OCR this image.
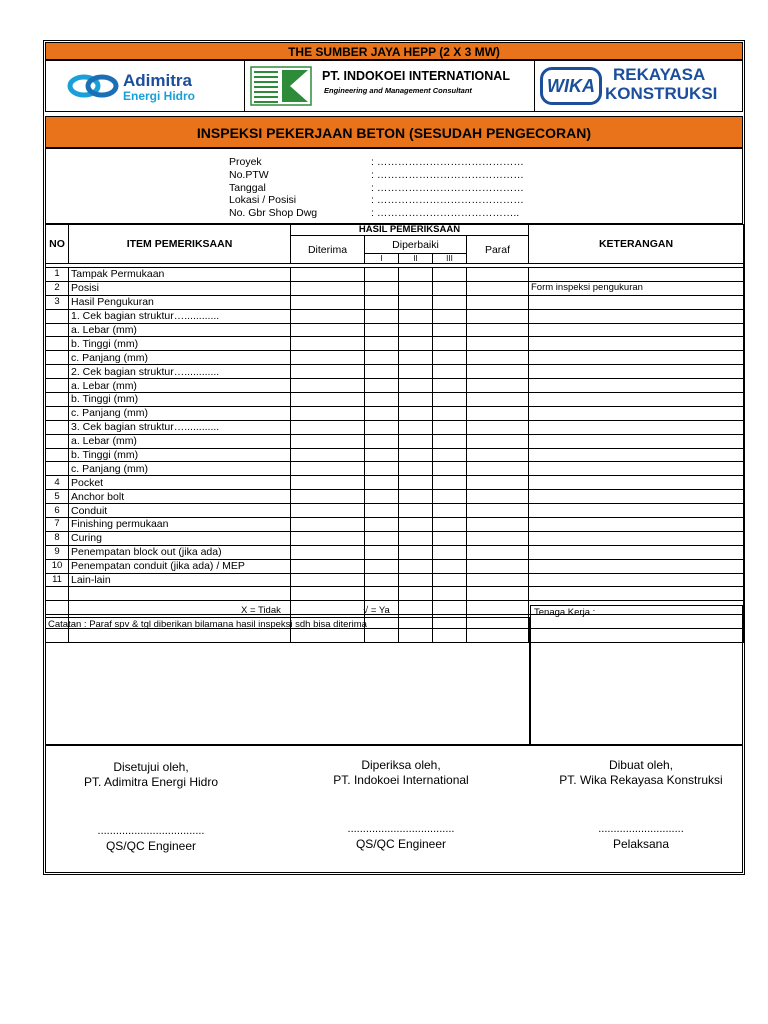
THE SUMBER JAYA HEPP (2 X 3 MW)
Adimitra
Energi Hidro
PT. INDOKOEI INTERNATIONAL
Engineering and Management Consultant	WIKA
REKAYASA
KONSTRUKSI
INSPEKSI PEKERJAAN BETON (SESUDAH PENGECORAN)
Proyek	: ……………………………………
No.PTW	: ……………………………………
Tanggal	: ……………………………………
Lokasi / Posisi	: ……………………………………
No. Gbr Shop Dwg	: …………………………………..
NO	ITEM PEMERIKSAAN	HASIL PEMERIKSAAN					KETERANGAN
		Diterima	Diperbaiki			Paraf	
			I	II	III		

1	Tampak Permukaan						
2	Posisi						Form inspeksi pengukuran
3	Hasil Pengukuran						
	1. Cek bagian struktur…............						
	a. Lebar (mm)						
	b. Tinggi (mm)						
	c. Panjang (mm)						
	2. Cek bagian struktur…............						
	a. Lebar (mm)						
	b. Tinggi (mm)						
	c. Panjang (mm)						
	3. Cek bagian struktur…............						
	a. Lebar (mm)						
	b. Tinggi (mm)						
	c. Panjang (mm)						
4	Pocket						
5	Anchor bolt						
6	Conduit						
7	Finishing permukaan						
8	Curing						
9	Penempatan block out (jika ada)						
10	Penempatan conduit (jika ada) / MEP						
11	Lain-lain						

X = Tidak	√ = Ya
Catatan : Paraf spv & tgl diberikan bilamana hasil inspeksi sdh bisa diterima
Tenaga Kerja :
Disetujui oleh,
PT. Adimitra Energi Hidro
...................................
QS/QC Engineer
Diperiksa oleh,
PT. Indokoei International
...................................
QS/QC Engineer
Dibuat oleh,
PT. Wika Rekayasa Konstruksi
............................
Pelaksana
